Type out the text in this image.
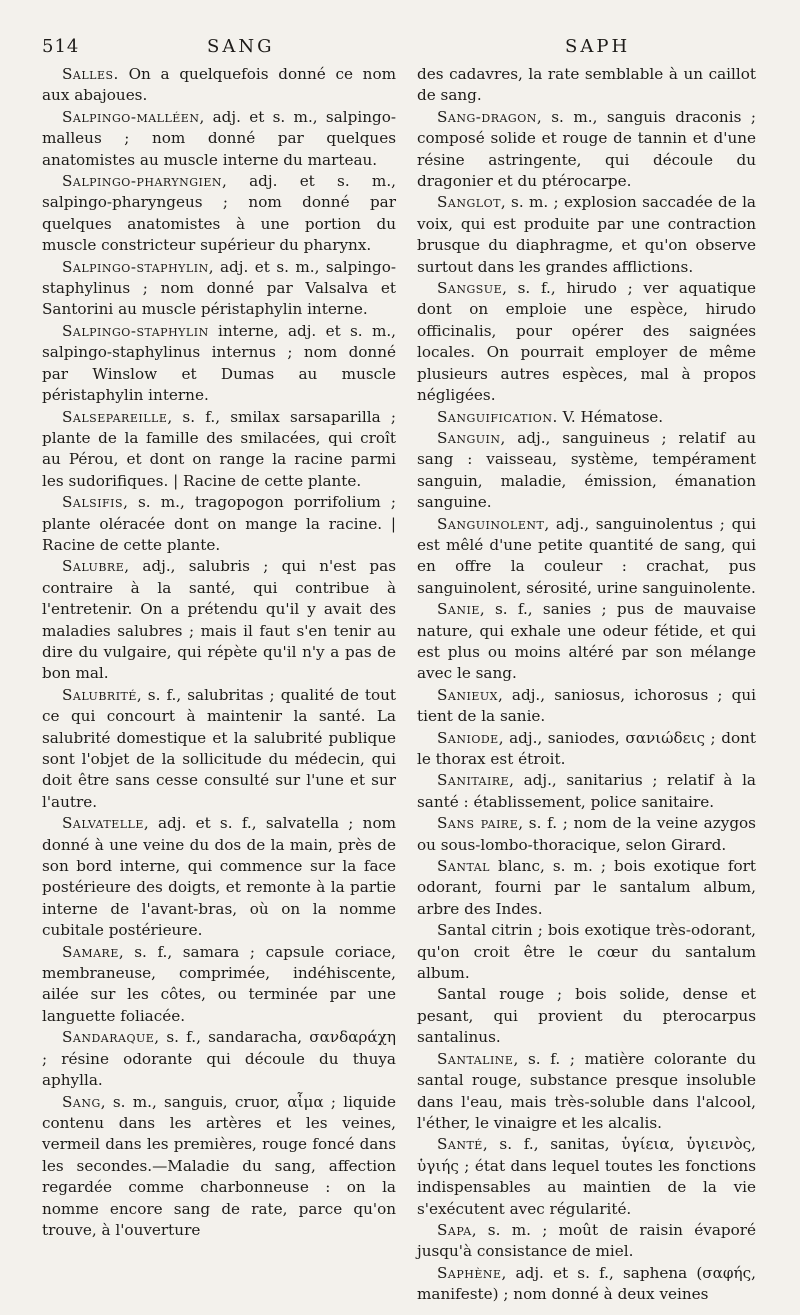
514	SANG	SAPH

Salles. On a quelquefois donné ce nom aux abajoues.

Salpingo-malléen, adj. et s. m., salpingo-malleus ; nom donné par quelques anatomistes au muscle interne du marteau.

Salpingo-pharyngien, adj. et s. m., salpingo-pharyngeus ; nom donné par quelques anatomistes à une portion du muscle constricteur supérieur du pharynx.

Salpingo-staphylin, adj. et s. m., salpingo-staphylinus ; nom donné par Valsalva et Santorini au muscle péristaphylin interne.

Salpingo-staphylin interne, adj. et s. m., salpingo-staphylinus internus ; nom donné par Winslow et Dumas au muscle péristaphylin interne.

Salsepareille, s. f., smilax sarsaparilla ; plante de la famille des smilacées, qui croît au Pérou, et dont on range la racine parmi les sudorifiques. | Racine de cette plante.

Salsifis, s. m., tragopogon porrifolium ; plante oléracée dont on mange la racine. | Racine de cette plante.

Salubre, adj., salubris ; qui n'est pas contraire à la santé, qui contribue à l'entretenir. On a prétendu qu'il y avait des maladies salubres ; mais il faut s'en tenir au dire du vulgaire, qui répète qu'il n'y a pas de bon mal.

Salubrité, s. f., salubritas ; qualité de tout ce qui concourt à maintenir la santé. La salubrité domestique et la salubrité publique sont l'objet de la sollicitude du médecin, qui doit être sans cesse consulté sur l'une et sur l'autre.

Salvatelle, adj. et s. f., salvatella ; nom donné à une veine du dos de la main, près de son bord interne, qui commence sur la face postérieure des doigts, et remonte à la partie interne de l'avant-bras, où on la nomme cubitale postérieure.

Samare, s. f., samara ; capsule coriace, membraneuse, comprimée, indéhiscente, ailée sur les côtes, ou terminée par une languette foliacée.

Sandaraque, s. f., sandaracha, σανδαράχη ; résine odorante qui découle du thuya aphylla.

Sang, s. m., sanguis, cruor, αἷμα ; liquide contenu dans les artères et les veines, vermeil dans les premières, rouge foncé dans les secondes.—Maladie du sang, affection regardée comme charbonneuse : on la nomme encore sang de rate, parce qu'on trouve, à l'ouverture

des cadavres, la rate semblable à un caillot de sang.

Sang-dragon, s. m., sanguis draconis ; composé solide et rouge de tannin et d'une résine astringente, qui découle du dragonier et du ptérocarpe.

Sanglot, s. m. ; explosion saccadée de la voix, qui est produite par une contraction brusque du diaphragme, et qu'on observe surtout dans les grandes afflictions.

Sangsue, s. f., hirudo ; ver aquatique dont on emploie une espèce, hirudo officinalis, pour opérer des saignées locales. On pourrait employer de même plusieurs autres espèces, mal à propos négligées.

Sanguification. V. Hématose.

Sanguin, adj., sanguineus ; relatif au sang : vaisseau, système, tempérament sanguin, maladie, émission, émanation sanguine.

Sanguinolent, adj., sanguinolentus ; qui est mêlé d'une petite quantité de sang, qui en offre la couleur : crachat, pus sanguinolent, sérosité, urine sanguinolente.

Sanie, s. f., sanies ; pus de mauvaise nature, qui exhale une odeur fétide, et qui est plus ou moins altéré par son mélange avec le sang.

Sanieux, adj., saniosus, ichorosus ; qui tient de la sanie.

Saniode, adj., saniodes, σανιώδεις ; dont le thorax est étroit.

Sanitaire, adj., sanitarius ; relatif à la santé : établissement, police sanitaire.

Sans paire, s. f. ; nom de la veine azygos ou sous-lombo-thoracique, selon Girard.

Santal blanc, s. m. ; bois exotique fort odorant, fourni par le santalum album, arbre des Indes.

Santal citrin ; bois exotique très-odorant, qu'on croit être le cœur du santalum album.

Santal rouge ; bois solide, dense et pesant, qui provient du pterocarpus santalinus.

Santaline, s. f. ; matière colorante du santal rouge, substance presque insoluble dans l'eau, mais très-soluble dans l'alcool, l'éther, le vinaigre et les alcalis.

Santé, s. f., sanitas, ὑγίεια, ὑγιεινὸς, ὑγιής ; état dans lequel toutes les fonctions indispensables au maintien de la vie s'exécutent avec régularité.

Sapa, s. m. ; moût de raisin évaporé jusqu'à consistance de miel.

Saphène, adj. et s. f., saphena (σαφής, manifeste) ; nom donné à deux veines
